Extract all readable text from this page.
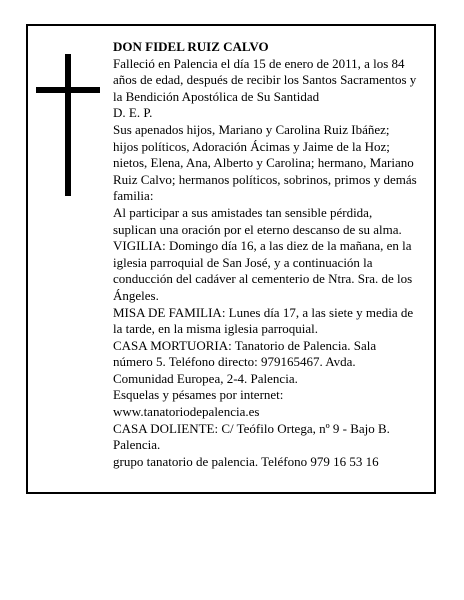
DON FIDEL RUIZ CALVO

Falleció en Palencia el día 15 de enero de 2011, a los 84 años de edad, después de recibir los Santos Sacramentos y la Bendición Apostólica de Su Santidad

D. E. P.

Sus apenados hijos, Mariano y Carolina Ruiz Ibáñez; hijos políticos, Adoración Ácimas y Jaime de la Hoz; nietos, Elena, Ana, Alberto y Carolina; hermano, Mariano Ruiz Calvo; hermanos políticos, sobrinos, primos y demás familia:

Al participar a sus amistades tan sensible pérdida, suplican una oración por el eterno descanso de su alma.

VIGILIA: Domingo día 16, a las diez de la mañana, en la iglesia parroquial de San José, y a continuación la conducción del cadáver al cementerio de Ntra. Sra. de los Ángeles.

MISA DE FAMILIA: Lunes día 17, a las siete y media de la tarde, en la misma iglesia parroquial.

CASA MORTUORIA: Tanatorio de Palencia. Sala número 5. Teléfono directo: 979165467. Avda. Comunidad Europea, 2-4. Palencia.

Esquelas y pésames por internet: www.tanatoriodepalencia.es

CASA DOLIENTE: C/ Teófilo Ortega, nº 9 - Bajo B. Palencia.

grupo tanatorio de palencia. Teléfono 979 16 53 16
